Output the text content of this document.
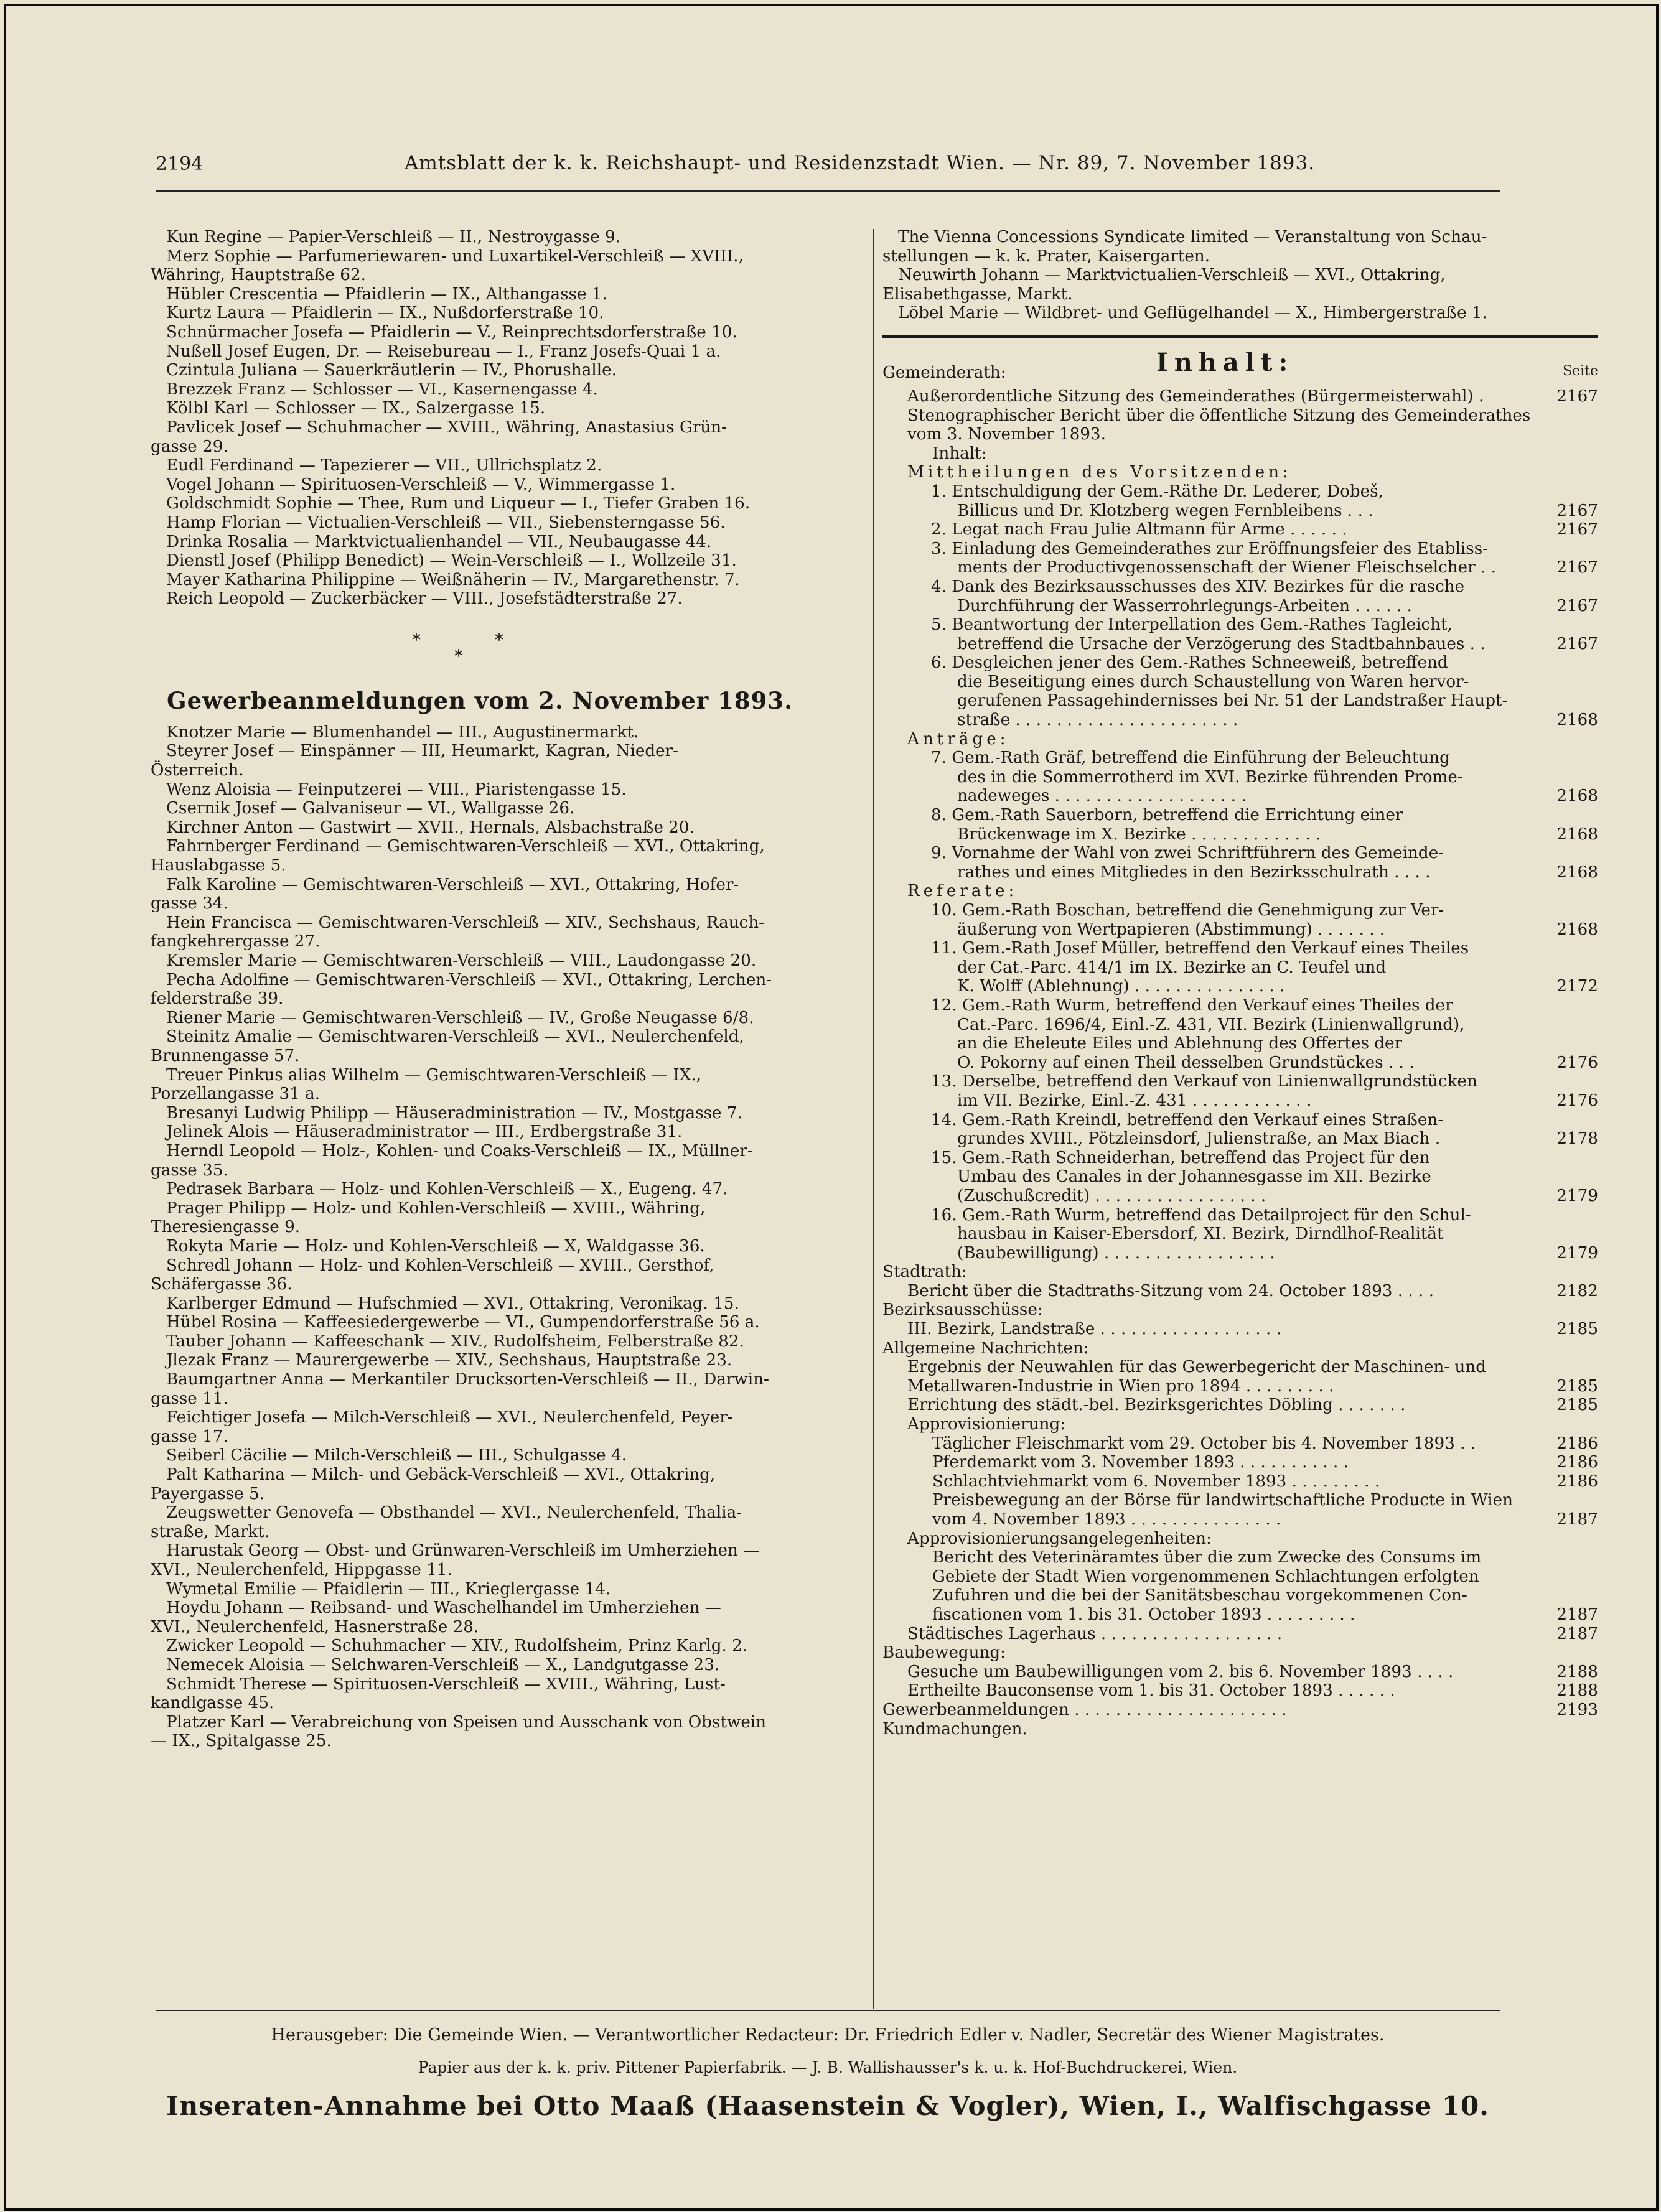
2194	Amtsblatt der k. k. Reichshaupt- und Residenzstadt Wien. — Nr. 89, 7. November 1893.
Kun Regine — Papier-Verschleiß — II., Nestroygasse 9.
Merz Sophie — Parfumeriewaren- und Luxartikel-Verschleiß — XVIII.,
Währing, Hauptstraße 62.
Hübler Crescentia — Pfaidlerin — IX., Althangasse 1.
Kurtz Laura — Pfaidlerin — IX., Nußdorferstraße 10.
Schnürmacher Josefa — Pfaidlerin — V., Reinprechtsdorferstraße 10.
Nußell Josef Eugen, Dr. — Reisebureau — I., Franz Josefs-Quai 1 a.
Czintula Juliana — Sauerkräutlerin — IV., Phorushalle.
Brezzek Franz — Schlosser — VI., Kasernengasse 4.
Kölbl Karl — Schlosser — IX., Salzergasse 15.
Pavlicek Josef — Schuhmacher — XVIII., Währing, Anastasius Grün-
gasse 29.
Eudl Ferdinand — Tapezierer — VII., Ullrichsplatz 2.
Vogel Johann — Spirituosen-Verschleiß — V., Wimmergasse 1.
Goldschmidt Sophie — Thee, Rum und Liqueur — I., Tiefer Graben 16.
Hamp Florian — Victualien-Verschleiß — VII., Siebensterngasse 56.
Drinka Rosalia — Marktvictualienhandel — VII., Neubaugasse 44.
Dienstl Josef (Philipp Benedict) — Wein-Verschleiß — I., Wollzeile 31.
Mayer Katharina Philippine — Weißnäherin — IV., Margarethenstr. 7.
Reich Leopold — Zuckerbäcker — VIII., Josefstädterstraße 27.
*	*
*
Gewerbeanmeldungen vom 2. November 1893.
Knotzer Marie — Blumenhandel — III., Augustinermarkt.
Steyrer Josef — Einspänner — III, Heumarkt, Kagran, Nieder-
Österreich.
Wenz Aloisia — Feinputzerei — VIII., Piaristengasse 15.
Csernik Josef — Galvaniseur — VI., Wallgasse 26.
Kirchner Anton — Gastwirt — XVII., Hernals, Alsbachstraße 20.
Fahrnberger Ferdinand — Gemischtwaren-Verschleiß — XVI., Ottakring,
Hauslabgasse 5.
Falk Karoline — Gemischtwaren-Verschleiß — XVI., Ottakring, Hofer-
gasse 34.
Hein Francisca — Gemischtwaren-Verschleiß — XIV., Sechshaus, Rauch-
fangkehrergasse 27.
Kremsler Marie — Gemischtwaren-Verschleiß — VIII., Laudongasse 20.
Pecha Adolfine — Gemischtwaren-Verschleiß — XVI., Ottakring, Lerchen-
felderstraße 39.
Riener Marie — Gemischtwaren-Verschleiß — IV., Große Neugasse 6/8.
Steinitz Amalie — Gemischtwaren-Verschleiß — XVI., Neulerchenfeld,
Brunnengasse 57.
Treuer Pinkus alias Wilhelm — Gemischtwaren-Verschleiß — IX.,
Porzellangasse 31 a.
Bresanyi Ludwig Philipp — Häuseradministration — IV., Mostgasse 7.
Jelinek Alois — Häuseradministrator — III., Erdbergstraße 31.
Herndl Leopold — Holz-, Kohlen- und Coaks-Verschleiß — IX., Müllner-
gasse 35.
Pedrasek Barbara — Holz- und Kohlen-Verschleiß — X., Eugeng. 47.
Prager Philipp — Holz- und Kohlen-Verschleiß — XVIII., Währing,
Theresiengasse 9.
Rokyta Marie — Holz- und Kohlen-Verschleiß — X, Waldgasse 36.
Schredl Johann — Holz- und Kohlen-Verschleiß — XVIII., Gersthof,
Schäfergasse 36.
Karlberger Edmund — Hufschmied — XVI., Ottakring, Veronikag. 15.
Hübel Rosina — Kaffeesiedergewerbe — VI., Gumpendorferstraße 56 a.
Tauber Johann — Kaffeeschank — XIV., Rudolfsheim, Felberstraße 82.
Jlezak Franz — Maurergewerbe — XIV., Sechshaus, Hauptstraße 23.
Baumgartner Anna — Merkantiler Drucksorten-Verschleiß — II., Darwin-
gasse 11.
Feichtiger Josefa — Milch-Verschleiß — XVI., Neulerchenfeld, Peyer-
gasse 17.
Seiberl Cäcilie — Milch-Verschleiß — III., Schulgasse 4.
Palt Katharina — Milch- und Gebäck-Verschleiß — XVI., Ottakring,
Payergasse 5.
Zeugswetter Genovefa — Obsthandel — XVI., Neulerchenfeld, Thalia-
straße, Markt.
Harustak Georg — Obst- und Grünwaren-Verschleiß im Umherziehen —
XVI., Neulerchenfeld, Hippgasse 11.
Wymetal Emilie — Pfaidlerin — III., Krieglergasse 14.
Hoydu Johann — Reibsand- und Waschelhandel im Umherziehen —
XVI., Neulerchenfeld, Hasnerstraße 28.
Zwicker Leopold — Schuhmacher — XIV., Rudolfsheim, Prinz Karlg. 2.
Nemecek Aloisia — Selchwaren-Verschleiß — X., Landgutgasse 23.
Schmidt Therese — Spirituosen-Verschleiß — XVIII., Währing, Lust-
kandlgasse 45.
Platzer Karl — Verabreichung von Speisen und Ausschank von Obstwein
— IX., Spitalgasse 25.
The Vienna Concessions Syndicate limited — Veranstaltung von Schau-
stellungen — k. k. Prater, Kaisergarten.
Neuwirth Johann — Marktvictualien-Verschleiß — XVI., Ottakring,
Elisabethgasse, Markt.
Löbel Marie — Wildbret- und Geflügelhandel — X., Himbergerstraße 1.
Gemeinderath:	Inhalt:	Seite
Außerordentliche Sitzung des Gemeinderathes (Bürgermeisterwahl) .	2167
Stenographischer Bericht über die öffentliche Sitzung des Gemeinderathes
vom 3. November 1893.
Inhalt:
Mittheilungen des Vorsitzenden:
1. Entschuldigung der Gem.-Räthe Dr. Lederer, Dobeš,
Billicus und Dr. Klotzberg wegen Fernbleibens . . .	2167
2. Legat nach Frau Julie Altmann für Arme . . . . . .	2167
3. Einladung des Gemeinderathes zur Eröffnungsfeier des Etabliss-
ments der Productivgenossenschaft der Wiener Fleischselcher . .	2167
4. Dank des Bezirksausschusses des XIV. Bezirkes für die rasche
Durchführung der Wasserrohrlegungs-Arbeiten . . . . . .	2167
5. Beantwortung der Interpellation des Gem.-Rathes Tagleicht,
betreffend die Ursache der Verzögerung des Stadtbahnbaues . .	2167
6. Desgleichen jener des Gem.-Rathes Schneeweiß, betreffend
die Beseitigung eines durch Schaustellung von Waren hervor-
gerufenen Passagehindernisses bei Nr. 51 der Landstraßer Haupt-
straße . . . . . . . . . . . . . . . . . . . . . .	2168
Anträge:
7. Gem.-Rath Gräf, betreffend die Einführung der Beleuchtung
des in die Sommerrotherd im XVI. Bezirke führenden Prome-
nadeweges . . . . . . . . . . . . . . . . . . .	2168
8. Gem.-Rath Sauerborn, betreffend die Errichtung einer
Brückenwage im X. Bezirke . . . . . . . . . . . . .	2168
9. Vornahme der Wahl von zwei Schriftführern des Gemeinde-
rathes und eines Mitgliedes in den Bezirksschulrath . . . .	2168
Referate:
10. Gem.-Rath Boschan, betreffend die Genehmigung zur Ver-
äußerung von Wertpapieren (Abstimmung) . . . . . . .	2168
11. Gem.-Rath Josef Müller, betreffend den Verkauf eines Theiles
der Cat.-Parc. 414/1 im IX. Bezirke an C. Teufel und
K. Wolff (Ablehnung) . . . . . . . . . . . . . . .	2172
12. Gem.-Rath Wurm, betreffend den Verkauf eines Theiles der
Cat.-Parc. 1696/4, Einl.-Z. 431, VII. Bezirk (Linienwallgrund),
an die Eheleute Eiles und Ablehnung des Offertes der
O. Pokorny auf einen Theil desselben Grundstückes . . .	2176
13. Derselbe, betreffend den Verkauf von Linienwallgrundstücken
im VII. Bezirke, Einl.-Z. 431 . . . . . . . . . . . .	2176
14. Gem.-Rath Kreindl, betreffend den Verkauf eines Straßen-
grundes XVIII., Pötzleinsdorf, Julienstraße, an Max Biach .	2178
15. Gem.-Rath Schneiderhan, betreffend das Project für den
Umbau des Canales in der Johannesgasse im XII. Bezirke
(Zuschußcredit) . . . . . . . . . . . . . . . . .	2179
16. Gem.-Rath Wurm, betreffend das Detailproject für den Schul-
hausbau in Kaiser-Ebersdorf, XI. Bezirk, Dirndlhof-Realität
(Baubewilligung) . . . . . . . . . . . . . . . . .	2179
Stadtrath:
Bericht über die Stadtraths-Sitzung vom 24. October 1893 . . . .	2182
Bezirksausschüsse:
III. Bezirk, Landstraße . . . . . . . . . . . . . . . . . .	2185
Allgemeine Nachrichten:
Ergebnis der Neuwahlen für das Gewerbegericht der Maschinen- und
Metallwaren-Industrie in Wien pro 1894 . . . . . . . . .	2185
Errichtung des städt.-bel. Bezirksgerichtes Döbling . . . . . . .	2185
Approvisionierung:
Täglicher Fleischmarkt vom 29. October bis 4. November 1893 . .	2186
Pferdemarkt vom 3. November 1893 . . . . . . . . . . .	2186
Schlachtviehmarkt vom 6. November 1893 . . . . . . . . .	2186
Preisbewegung an der Börse für landwirtschaftliche Producte in Wien
vom 4. November 1893 . . . . . . . . . . . . . . .	2187
Approvisionierungsangelegenheiten:
Bericht des Veterinäramtes über die zum Zwecke des Consums im
Gebiete der Stadt Wien vorgenommenen Schlachtungen erfolgten
Zufuhren und die bei der Sanitätsbeschau vorgekommenen Con-
fiscationen vom 1. bis 31. October 1893 . . . . . . . . .	2187
Städtisches Lagerhaus . . . . . . . . . . . . . . . . . .	2187
Baubewegung:
Gesuche um Baubewilligungen vom 2. bis 6. November 1893 . . . .	2188
Ertheilte Bauconsense vom 1. bis 31. October 1893 . . . . . .	2188
Gewerbeanmeldungen . . . . . . . . . . . . . . . . . . . . .	2193
Kundmachungen.
Herausgeber: Die Gemeinde Wien. — Verantwortlicher Redacteur: Dr. Friedrich Edler v. Nadler, Secretär des Wiener Magistrates.
Papier aus der k. k. priv. Pittener Papierfabrik. — J. B. Wallishausser's k. u. k. Hof-Buchdruckerei, Wien.
Inseraten-Annahme bei Otto Maaß (Haasenstein & Vogler), Wien, I., Walfischgasse 10.
